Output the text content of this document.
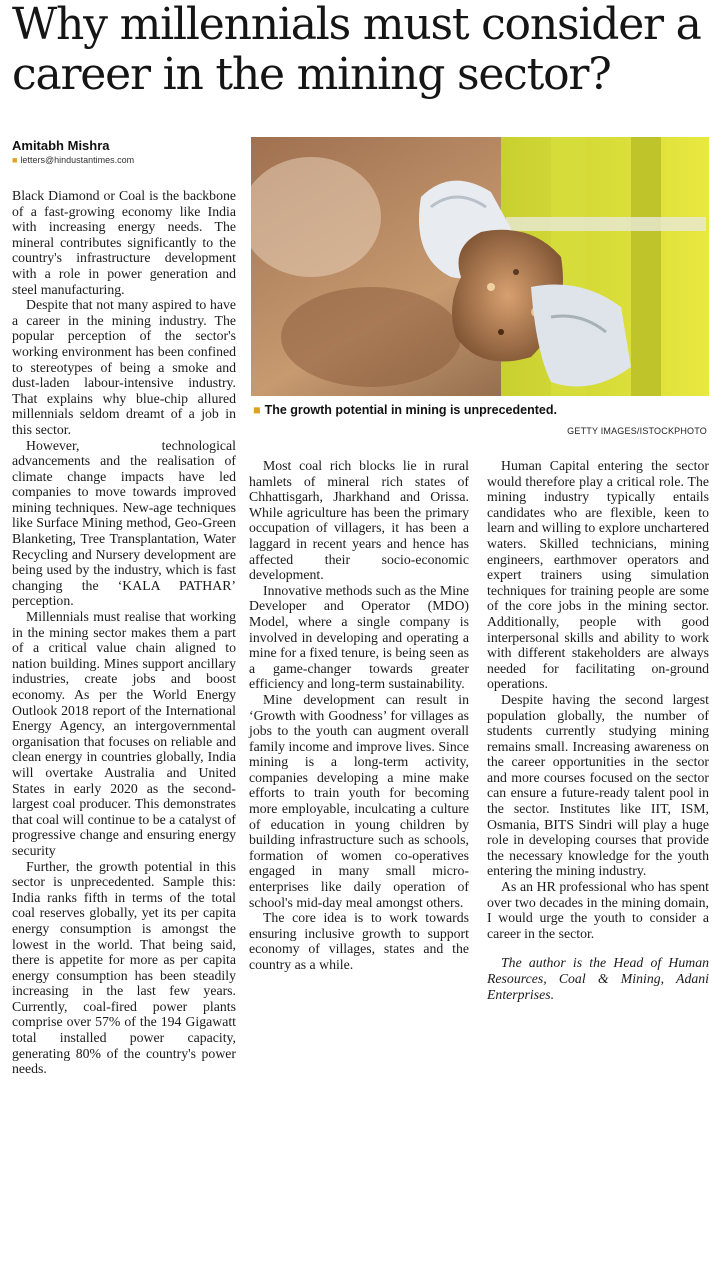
Why millennials must consider a career in the mining sector?
Amitabh Mishra
■ letters@hindustantimes.com
■ The growth potential in mining is unprecedented.
GETTY IMAGES/ISTOCKPHOTO

Black Diamond or Coal is the backbone of a fast-growing economy like India with increasing energy needs. The mineral contributes significantly to the country's infrastructure development with a role in power generation and steel manufacturing.

Despite that not many aspired to have a career in the mining industry. The popular perception of the sector's working environment has been confined to stereotypes of being a smoke and dust-laden labour-intensive industry. That explains why blue-chip allured millennials seldom dreamt of a job in this sector.

However, technological advancements and the realisation of climate change impacts have led companies to move towards improved mining techniques. New-age techniques like Surface Mining method, Geo-Green Blanketing, Tree Transplantation, Water Recycling and Nursery development are being used by the industry, which is fast changing the ‘KALA PATHAR’ perception.

Millennials must realise that working in the mining sector makes them a part of a critical value chain aligned to nation building. Mines support ancillary industries, create jobs and boost economy. As per the World Energy Outlook 2018 report of the International Energy Agency, an intergovernmental organisation that focuses on reliable and clean energy in countries globally, India will overtake Australia and United States in early 2020 as the second-largest coal producer. This demonstrates that coal will continue to be a catalyst of progressive change and ensuring energy security

Further, the growth potential in this sector is unprecedented. Sample this: India ranks fifth in terms of the total coal reserves globally, yet its per capita energy consumption is amongst the lowest in the world. That being said, there is appetite for more as per capita energy consumption has been steadily increasing in the last few years. Currently, coal-fired power plants comprise over 57% of the 194 Gigawatt total installed power capacity, generating 80% of the country's power needs.

Most coal rich blocks lie in rural hamlets of mineral rich states of Chhattisgarh, Jharkhand and Orissa. While agriculture has been the primary occupation of villagers, it has been a laggard in recent years and hence has affected their socio-economic development.

Innovative methods such as the Mine Developer and Operator (MDO) Model, where a single company is involved in developing and operating a mine for a fixed tenure, is being seen as a game-changer towards greater efficiency and long-term sustainability.

Mine development can result in ‘Growth with Goodness’ for villages as jobs to the youth can augment overall family income and improve lives. Since mining is a long-term activity, companies developing a mine make efforts to train youth for becoming more employable, inculcating a culture of education in young children by building infrastructure such as schools, formation of women co-operatives engaged in many small micro-enterprises like daily operation of school's mid-day meal amongst others.

The core idea is to work towards ensuring inclusive growth to support economy of villages, states and the country as a while.

Human Capital entering the sector would therefore play a critical role. The mining industry typically entails candidates who are flexible, keen to learn and willing to explore unchartered waters. Skilled technicians, mining engineers, earthmover operators and expert trainers using simulation techniques for training people are some of the core jobs in the mining sector. Additionally, people with good interpersonal skills and ability to work with different stakeholders are always needed for facilitating on-ground operations.

Despite having the second largest population globally, the number of students currently studying mining remains small. Increasing awareness on the career opportunities in the sector and more courses focused on the sector can ensure a future-ready talent pool in the sector. Institutes like IIT, ISM, Osmania, BITS Sindri will play a huge role in developing courses that provide the necessary knowledge for the youth entering the mining industry.

As an HR professional who has spent over two decades in the mining domain, I would urge the youth to consider a career in the sector.

The author is the Head of Human Resources, Coal & Mining, Adani Enterprises.
